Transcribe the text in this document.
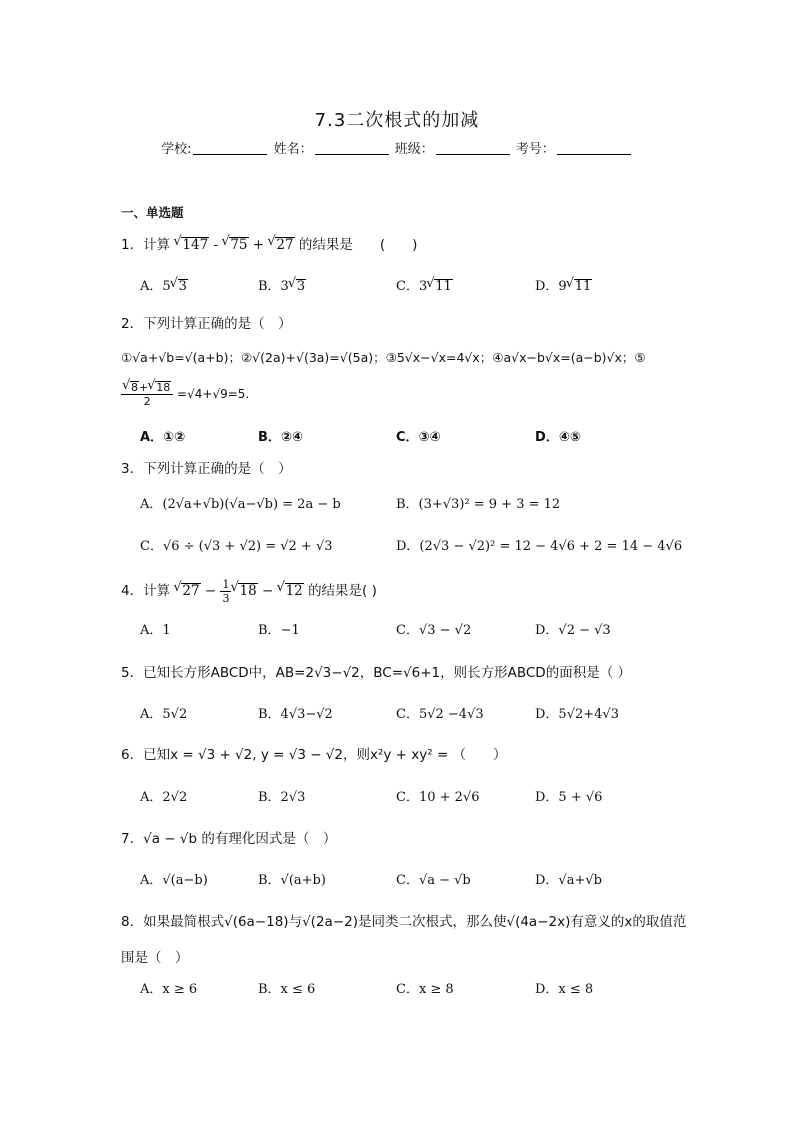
7.3二次根式的加减
学校:	姓名：	班级：	考号：
一、单选题
1．计算 √ 147 - √ 75 + √ 27 的结果是　　(　　)
A．5 √ 3	B．3 √ 3	C．3 √ 11	D．9 √ 11
2．下列计算正确的是（　）
①√a+√b=√(a+b)；②√(2a)+√(3a)=√(5a)；③5√x−√x=4√x；④a√x−b√x=(a−b)√x；⑤
√ $\frac{8+ √ 18}{2} =√4+√9=5$.
A．①②	B．②④	C．③④	D．④⑤
3．下列计算正确的是（　）
A．(2√a+√b)(√a−√b) = 2a − b	B．(3+√3)² = 9 + 3 = 12
C．√6 ÷ (√3 + √2) = √2 + √3	D．(2√3 − √2)² = 12 − 4√6 + 2 = 14 − 4√6
4．计算 √ $27 - \frac{1}{3}$ √ 18 − √ 12 的结果是( )
A．1	B．−1	C．√3 − √2	D．√2 − √3
5．已知长方形ABCD中，AB=2√3−√2，BC=√6+1，则长方形ABCD的面积是（ ）
A．5√2	B．4√3−√2	C．5√2 −4√3	D．5√2+4√3
6．已知x = √3 + √2, y = √3 − √2，则x²y + xy² = （　　）
A．2√2	B．2√3	C．10 + 2√6	D．5 + √6
7．√a − √b 的有理化因式是（　）
A．√(a−b)	B．√(a+b)	C．√a − √b	D．√a+√b
8．如果最简根式√(6a−18)与√(2a−2)是同类二次根式，那么使√(4a−2x)有意义的x的取值范
围是（　）
A．x ≥ 6	B．x ≤ 6	C．x ≥ 8	D．x ≤ 8
